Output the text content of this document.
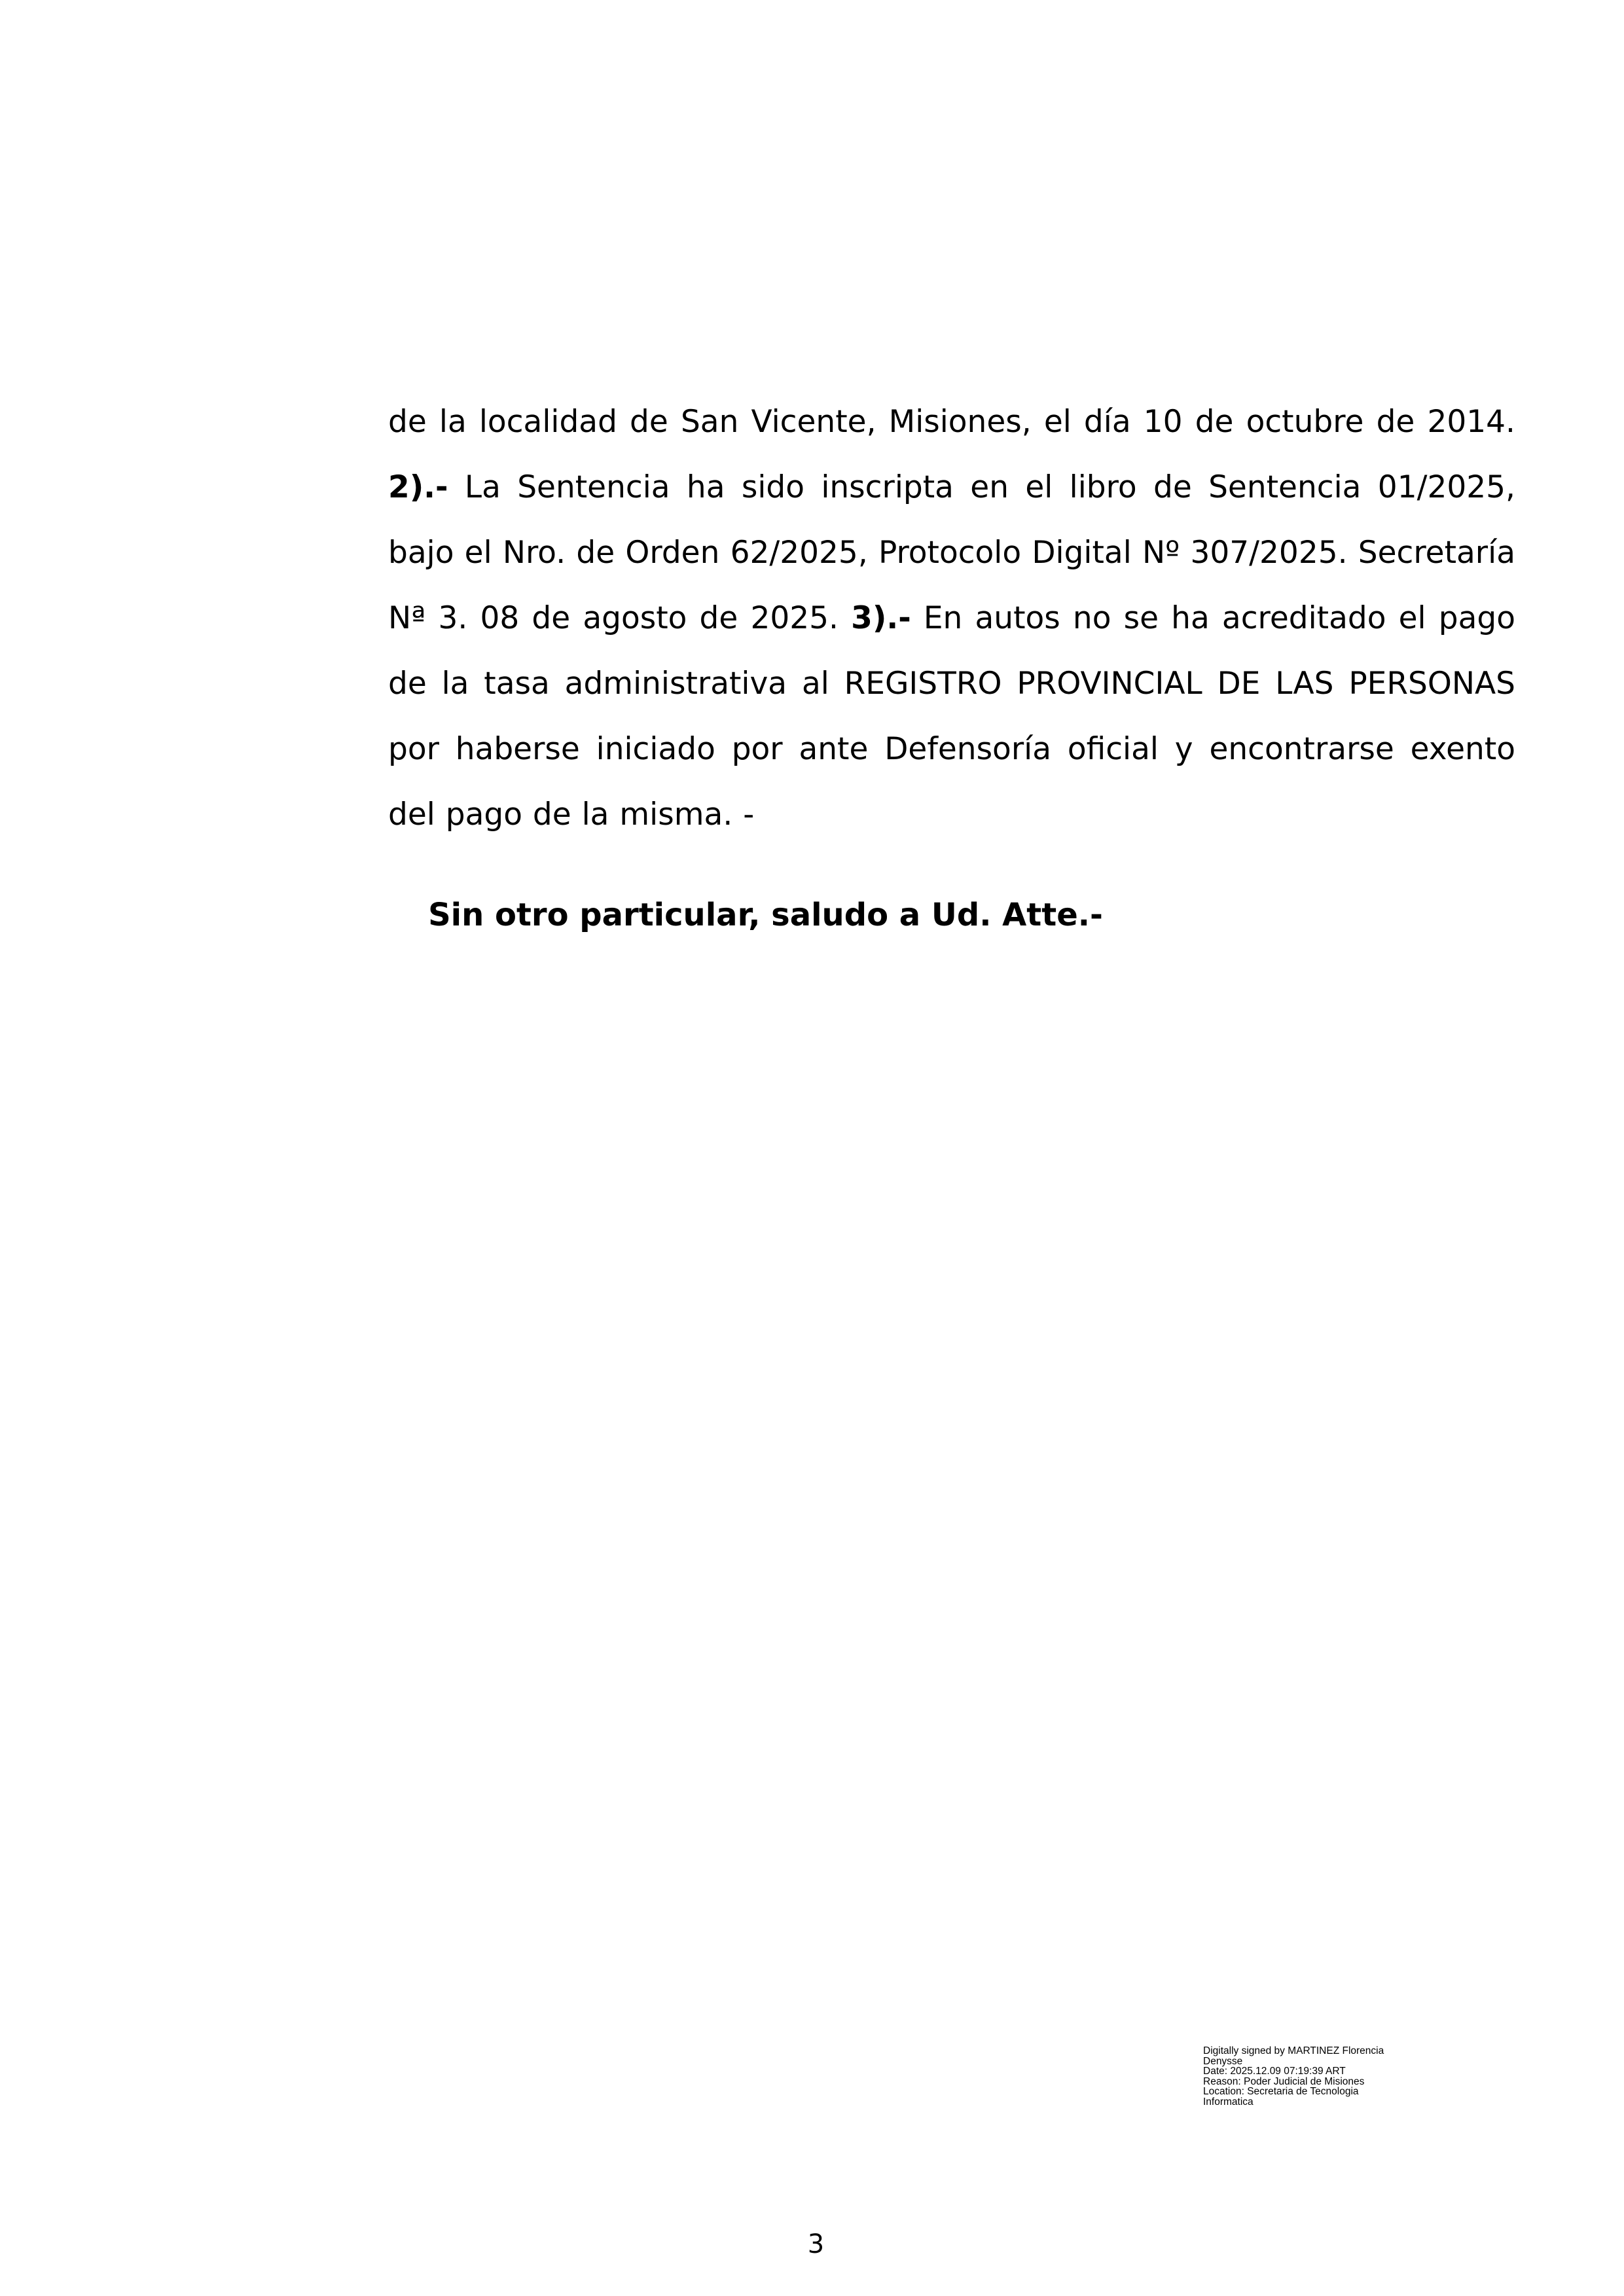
de la localidad de San Vicente, Misiones, el día 10 de octubre de 2014. 2).- La Sentencia ha sido inscripta en el libro de Sentencia 01/2025, bajo el Nro. de Orden 62/2025, Protocolo Digital Nº 307/2025. Secretaría Nª 3. 08 de agosto de 2025. 3).- En autos no se ha acreditado el pago de la tasa administrativa al REGISTRO PROVINCIAL DE LAS PERSONAS por haberse iniciado por ante Defensoría oficial y encontrarse exento del pago de la misma. -

Sin otro particular, saludo a Ud. Atte.-
Digitally signed by MARTINEZ Florencia
Denysse
Date: 2025.12.09 07:19:39 ART
Reason: Poder Judicial de Misiones
Location: Secretaria de Tecnologia
Informatica
3
